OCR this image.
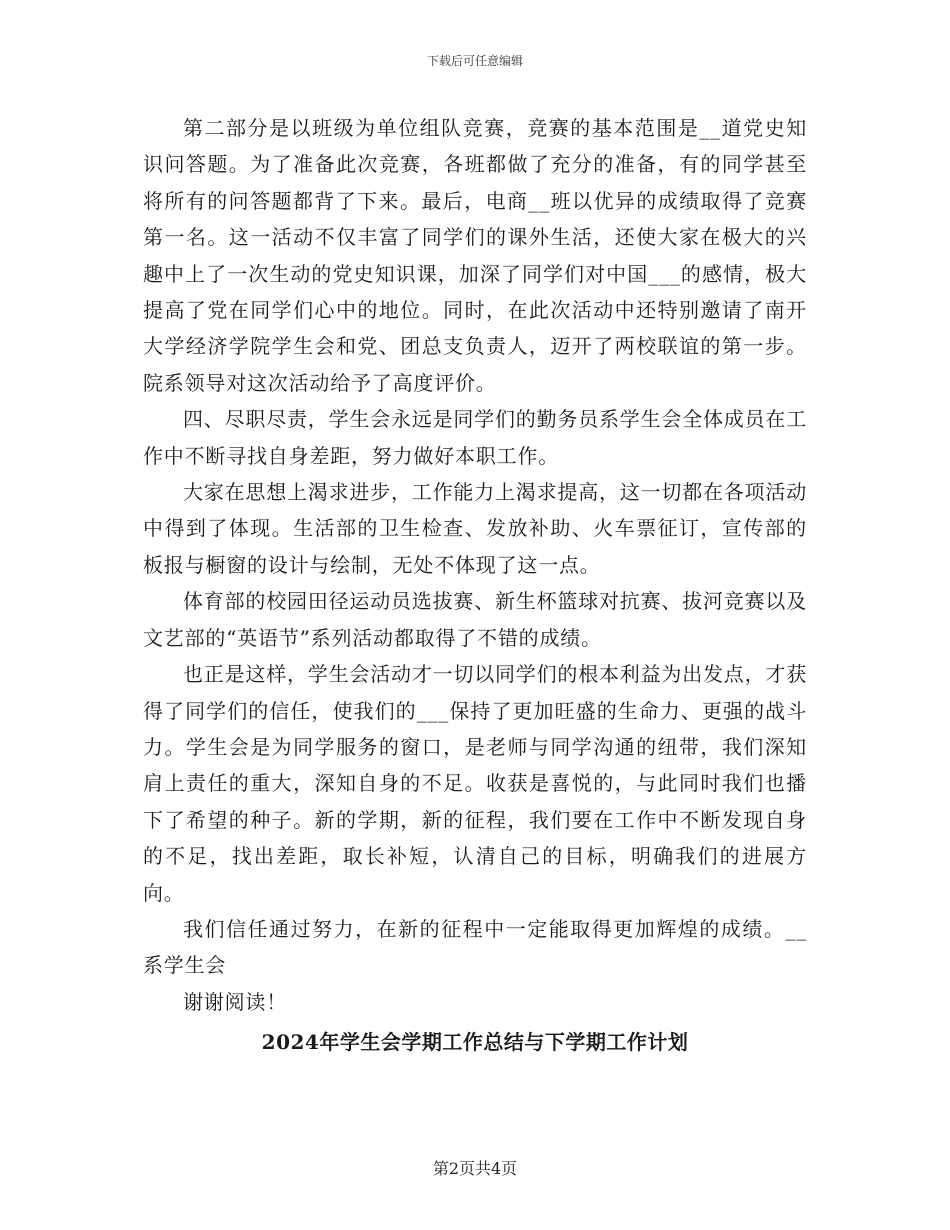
下载后可任意编辑

第二部分是以班级为单位组队竞赛，竞赛的基本范围是__道党史知识问答题。为了准备此次竞赛，各班都做了充分的准备，有的同学甚至将所有的问答题都背了下来。最后，电商__班以优异的成绩取得了竞赛第一名。这一活动不仅丰富了同学们的课外生活，还使大家在极大的兴趣中上了一次生动的党史知识课，加深了同学们对中国___的感情，极大提高了党在同学们心中的地位。同时，在此次活动中还特别邀请了南开大学经济学院学生会和党、团总支负责人，迈开了两校联谊的第一步。院系领导对这次活动给予了高度评价。

四、尽职尽责，学生会永远是同学们的勤务员系学生会全体成员在工作中不断寻找自身差距，努力做好本职工作。

大家在思想上渴求进步，工作能力上渴求提高，这一切都在各项活动中得到了体现。生活部的卫生检查、发放补助、火车票征订，宣传部的板报与橱窗的设计与绘制，无处不体现了这一点。

体育部的校园田径运动员选拔赛、新生杯篮球对抗赛、拔河竞赛以及文艺部的“英语节”系列活动都取得了不错的成绩。

也正是这样，学生会活动才一切以同学们的根本利益为出发点，才获得了同学们的信任，使我们的___保持了更加旺盛的生命力、更强的战斗力。学生会是为同学服务的窗口，是老师与同学沟通的纽带，我们深知肩上责任的重大，深知自身的不足。收获是喜悦的，与此同时我们也播下了希望的种子。新的学期，新的征程，我们要在工作中不断发现自身的不足，找出差距，取长补短，认清自己的目标，明确我们的进展方向。

我们信任通过努力，在新的征程中一定能取得更加辉煌的成绩。__系学生会

谢谢阅读！

2024年学生会学期工作总结与下学期工作计划

第2页共4页
